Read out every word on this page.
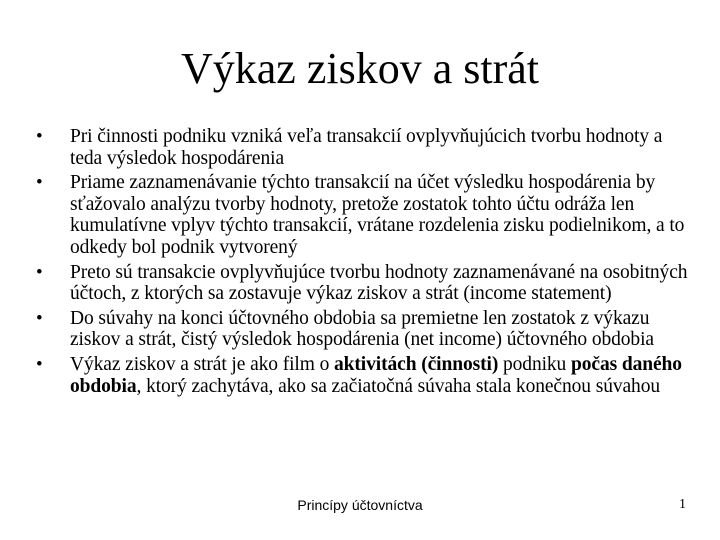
Výkaz ziskov a strát
•	Pri činnosti podniku vzniká veľa transakcií ovplyvňujúcich tvorbu hodnoty a teda výsledok hospodárenia
•	Priame zaznamenávanie týchto transakcií na účet výsledku hospodárenia by sťažovalo analýzu tvorby hodnoty, pretože zostatok tohto účtu odráža len kumulatívne vplyv týchto transakcií, vrátane rozdelenia zisku podielnikom, a to odkedy bol podnik vytvorený
•	Preto sú transakcie ovplyvňujúce tvorbu hodnoty zaznamenávané na osobitných účtoch, z ktorých sa zostavuje výkaz ziskov a strát (income statement)
•	Do súvahy na konci účtovného obdobia sa premietne len zostatok z výkazu ziskov a strát, čistý výsledok hospodárenia (net income) účtovného obdobia
•	Výkaz ziskov a strát je ako film o aktivitách (činnosti) podniku počas daného obdobia, ktorý zachytáva, ako sa začiatočná súvaha stala konečnou súvahou
Princípy účtovníctva	1
